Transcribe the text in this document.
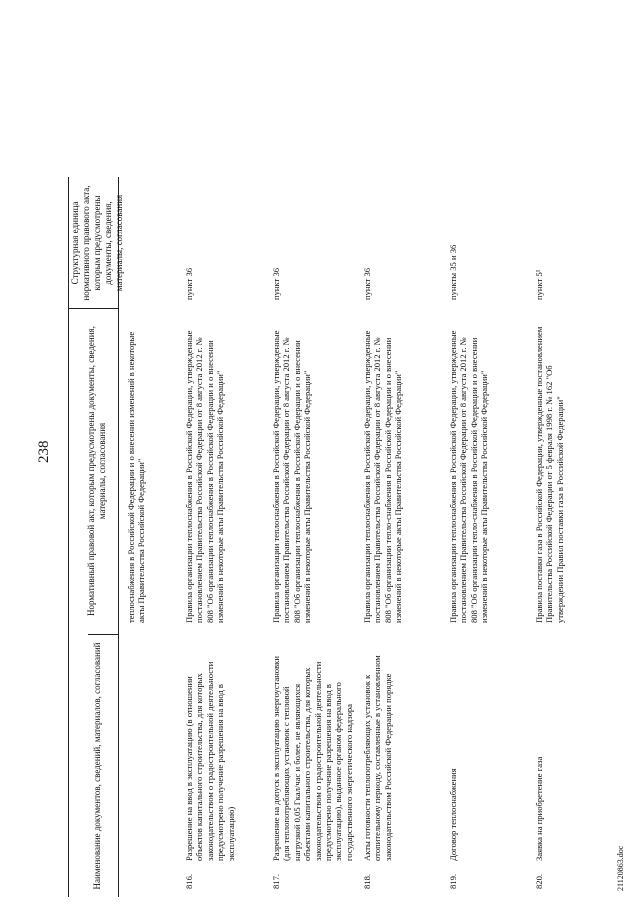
238
Наименование документов, сведений, материалов, согласований
Нормативный правовой акт, которым предусмотрены документы, сведения, материалы, согласования
Структурная единица нормативного правового акта, которым предусмотрены документы, сведения, материалы, согласования
теплоснабжения в Российской Федерации и о внесении изменений в некоторые акты Правительства Российской Федерации"
816.
Разрешение на ввод в эксплуатацию (в отношении объектов капитального строительства, для которых законодательством о градостроительной деятельности предусмотрено получение разрешения на ввод в эксплуатацию)
Правила организации теплоснабжения в Российской Федерации, утвержденные постановлением Правительства Российской Федерации от 8 августа 2012 г. № 808 "Об организации теплоснабжения в Российской Федерации и о внесении изменений в некоторые акты Правительства Российской Федерации"
пункт 36
817.
Разрешение на допуск в эксплуатацию энергоустановки (для теплопотребляющих установок с тепловой нагрузкой 0,05 Гкал/час и более, не являющихся объектами капитального строительства, для которых законодательством о градостроительной деятельности предусмотрено получение разрешения на ввод в эксплуатацию), выданное органом федерального государственного энергетического надзора
Правила организации теплоснабжения в Российской Федерации, утвержденные постановлением Правительства Российской Федерации от 8 августа 2012 г. № 808 "Об организации теплоснабжения в Российской Федерации и о внесении изменений в некоторые акты Правительства Российской Федерации"
пункт 36
818.
Акты готовности теплопотребляющих установок к отопительному периоду, составленные в установленном законодательством Российской Федерации порядке
Правила организации теплоснабжения в Российской Федерации, утвержденные постановлением Правительства Российской Федерации от 8 августа 2012 г. № 808 "Об организации тепло-снабжения в Российской Федерации и о внесении изменений в некоторые акты Правительства Российской Федерации"
пункт 36
819.
Договор теплоснабжения
Правила организации теплоснабжения в Российской Федерации, утвержденные постановлением Правительства Российской Федерации от 8 августа 2012 г. № 808 "Об организации тепло-снабжения в Российской Федерации и о внесении изменений в некоторые акты Правительства Российской Федерации"
пункты 35 и 36
820.
Заявка на приобретение газа
Правила поставки газа в Российской Федерации, утвержденные постановлением Правительства Российской Федерации от 5 февраля 1998 г. № 162 "Об утверждении Правил поставки газа в Российской Федерации"
пункт 5¹
21120863.doc
